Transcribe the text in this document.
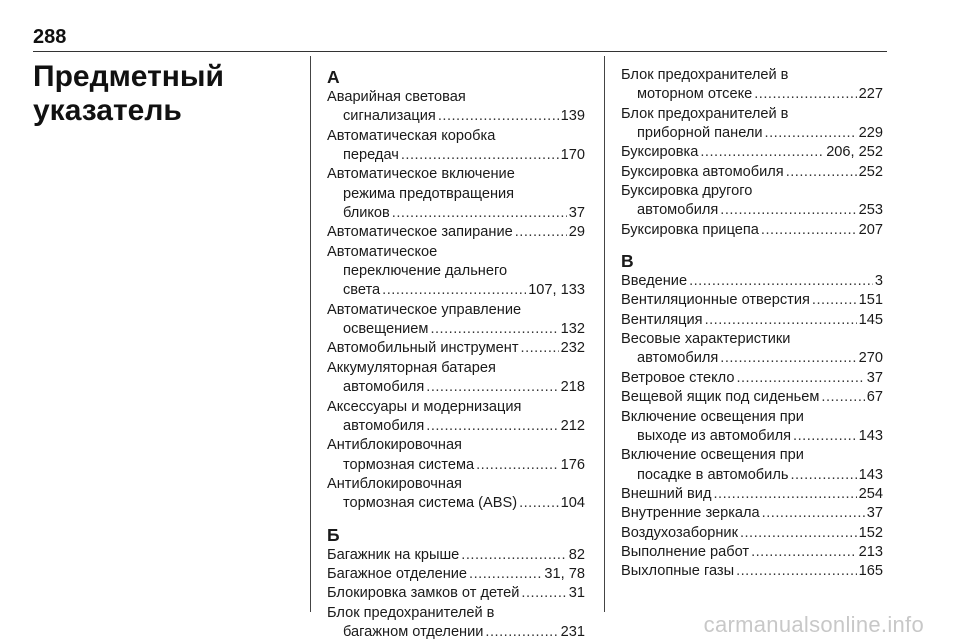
288
Предметный
указатель
А
Аварийная световая
сигнализация .....	139
Автоматическая коробка
передач .....	170
Автоматическое включение
режима предотвращения
бликов .....	37
Автоматическое запирание .....	29
Автоматическое
переключение дальнего
света .....	107, 133
Автоматическое управление
освещением .....	132
Автомобильный инструмент .....	232
Аккумуляторная батарея
автомобиля .....	218
Аксессуары и модернизация
автомобиля .....	212
Антиблокировочная
тормозная система .....	176
Антиблокировочная
тормозная система (ABS) .....	104
Б
Багажник на крыше .....	82
Багажное отделение .....	31, 78
Блокировка замков от детей .....	31
Блок предохранителей в
багажном отделении .....	231
Блок предохранителей в
моторном отсеке .....	227
Блок предохранителей в
приборной панели .....	229
Буксировка .....	206, 252
Буксировка автомобиля .....	252
Буксировка другого
автомобиля .....	253
Буксировка прицепа .....	207
В
Введение .....	3
Вентиляционные отверстия .....	151
Вентиляция .....	145
Весовые характеристики
автомобиля .....	270
Ветровое стекло .....	37
Вещевой ящик под сиденьем .....	67
Включение освещения при
выходе из автомобиля .....	143
Включение освещения при
посадке в автомобиль .....	143
Внешний вид .....	254
Внутренние зеркала .....	37
Воздухозаборник .....	152
Выполнение работ .....	213
Выхлопные газы .....	165
carmanualsonline.info
